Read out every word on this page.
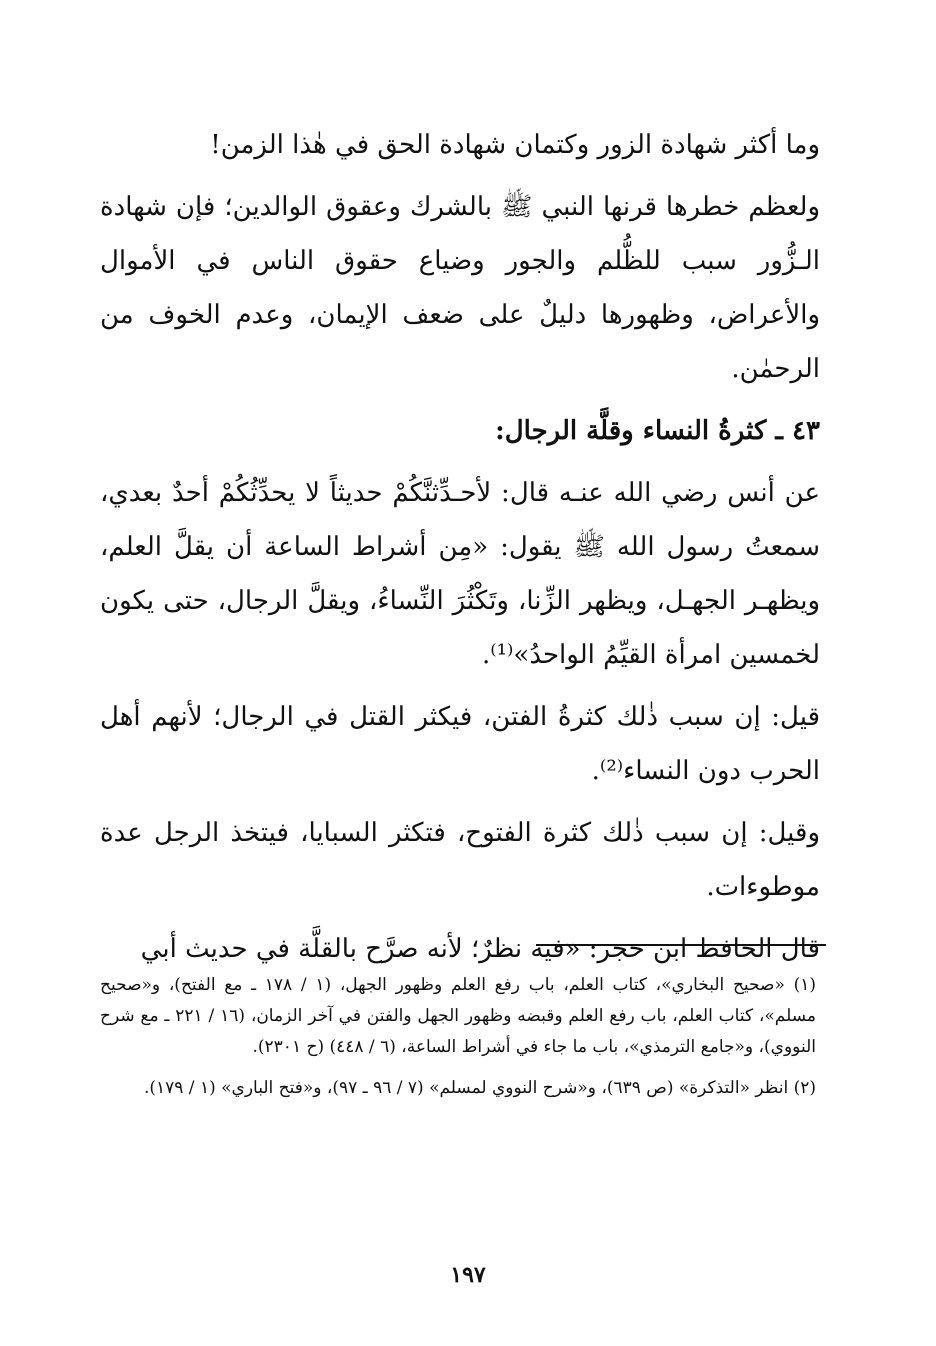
وما أكثر شهادة الزور وكتمان شهادة الحق في هٰذا الزمن!

ولعظم خطرها قرنها النبي ﷺ بالشرك وعقوق الوالدين؛ فإن شهادة الـزُّور سبب للظُّلم والجور وضياع حقوق الناس في الأموال والأعراض، وظهورها دليلٌ على ضعف الإيمان، وعدم الخوف من الرحمٰن.

٤٣ ـ كثرةُ النساء وقلَّة الرجال:

عن أنس رضي الله عنـه قال: لأحـدِّثنَّكُمْ حديثاً لا يحدِّثُكُمْ أحدٌ بعدي، سمعتُ رسول الله ﷺ يقول: «مِن أشراط الساعة أن يقلَّ العلم، ويظهـر الجهـل، ويظهر الزِّنا، وتَكْثُرَ النِّساءُ، ويقلَّ الرجال، حتى يكون لخمسين امرأة القيِّمُ الواحدُ»⁽¹⁾.

قيل: إن سبب ذٰلك كثرةُ الفتن، فيكثر القتل في الرجال؛ لأنهم أهل الحرب دون النساء⁽²⁾.

وقيل: إن سبب ذٰلك كثرة الفتوح، فتكثر السبايا، فيتخذ الرجل عدة موطوءات.

قال الحافظ ابن حجر: «فيه نظرٌ؛ لأنه صرَّح بالقلَّة في حديث أبي

(١) «صحيح البخاري»، كتاب العلم، باب رفع العلم وظهور الجهل، (١ / ١٧٨ ـ مع الفتح)، و«صحيح مسلم»، كتاب العلم، باب رفع العلم وقبضه وظهور الجهل والفتن في آخر الزمان، (١٦ / ٢٢١ ـ مع شرح النووي)، و«جامع الترمذي»، باب ما جاء في أشراط الساعة، (٦ / ٤٤٨) (ح ٢٣٠١).

(٢) انظر «التذكرة» (ص ٦٣٩)، و«شرح النووي لمسلم» (٧ / ٩٦ ـ ٩٧)، و«فتح الباري» (١ / ١٧٩).

١٩٧
